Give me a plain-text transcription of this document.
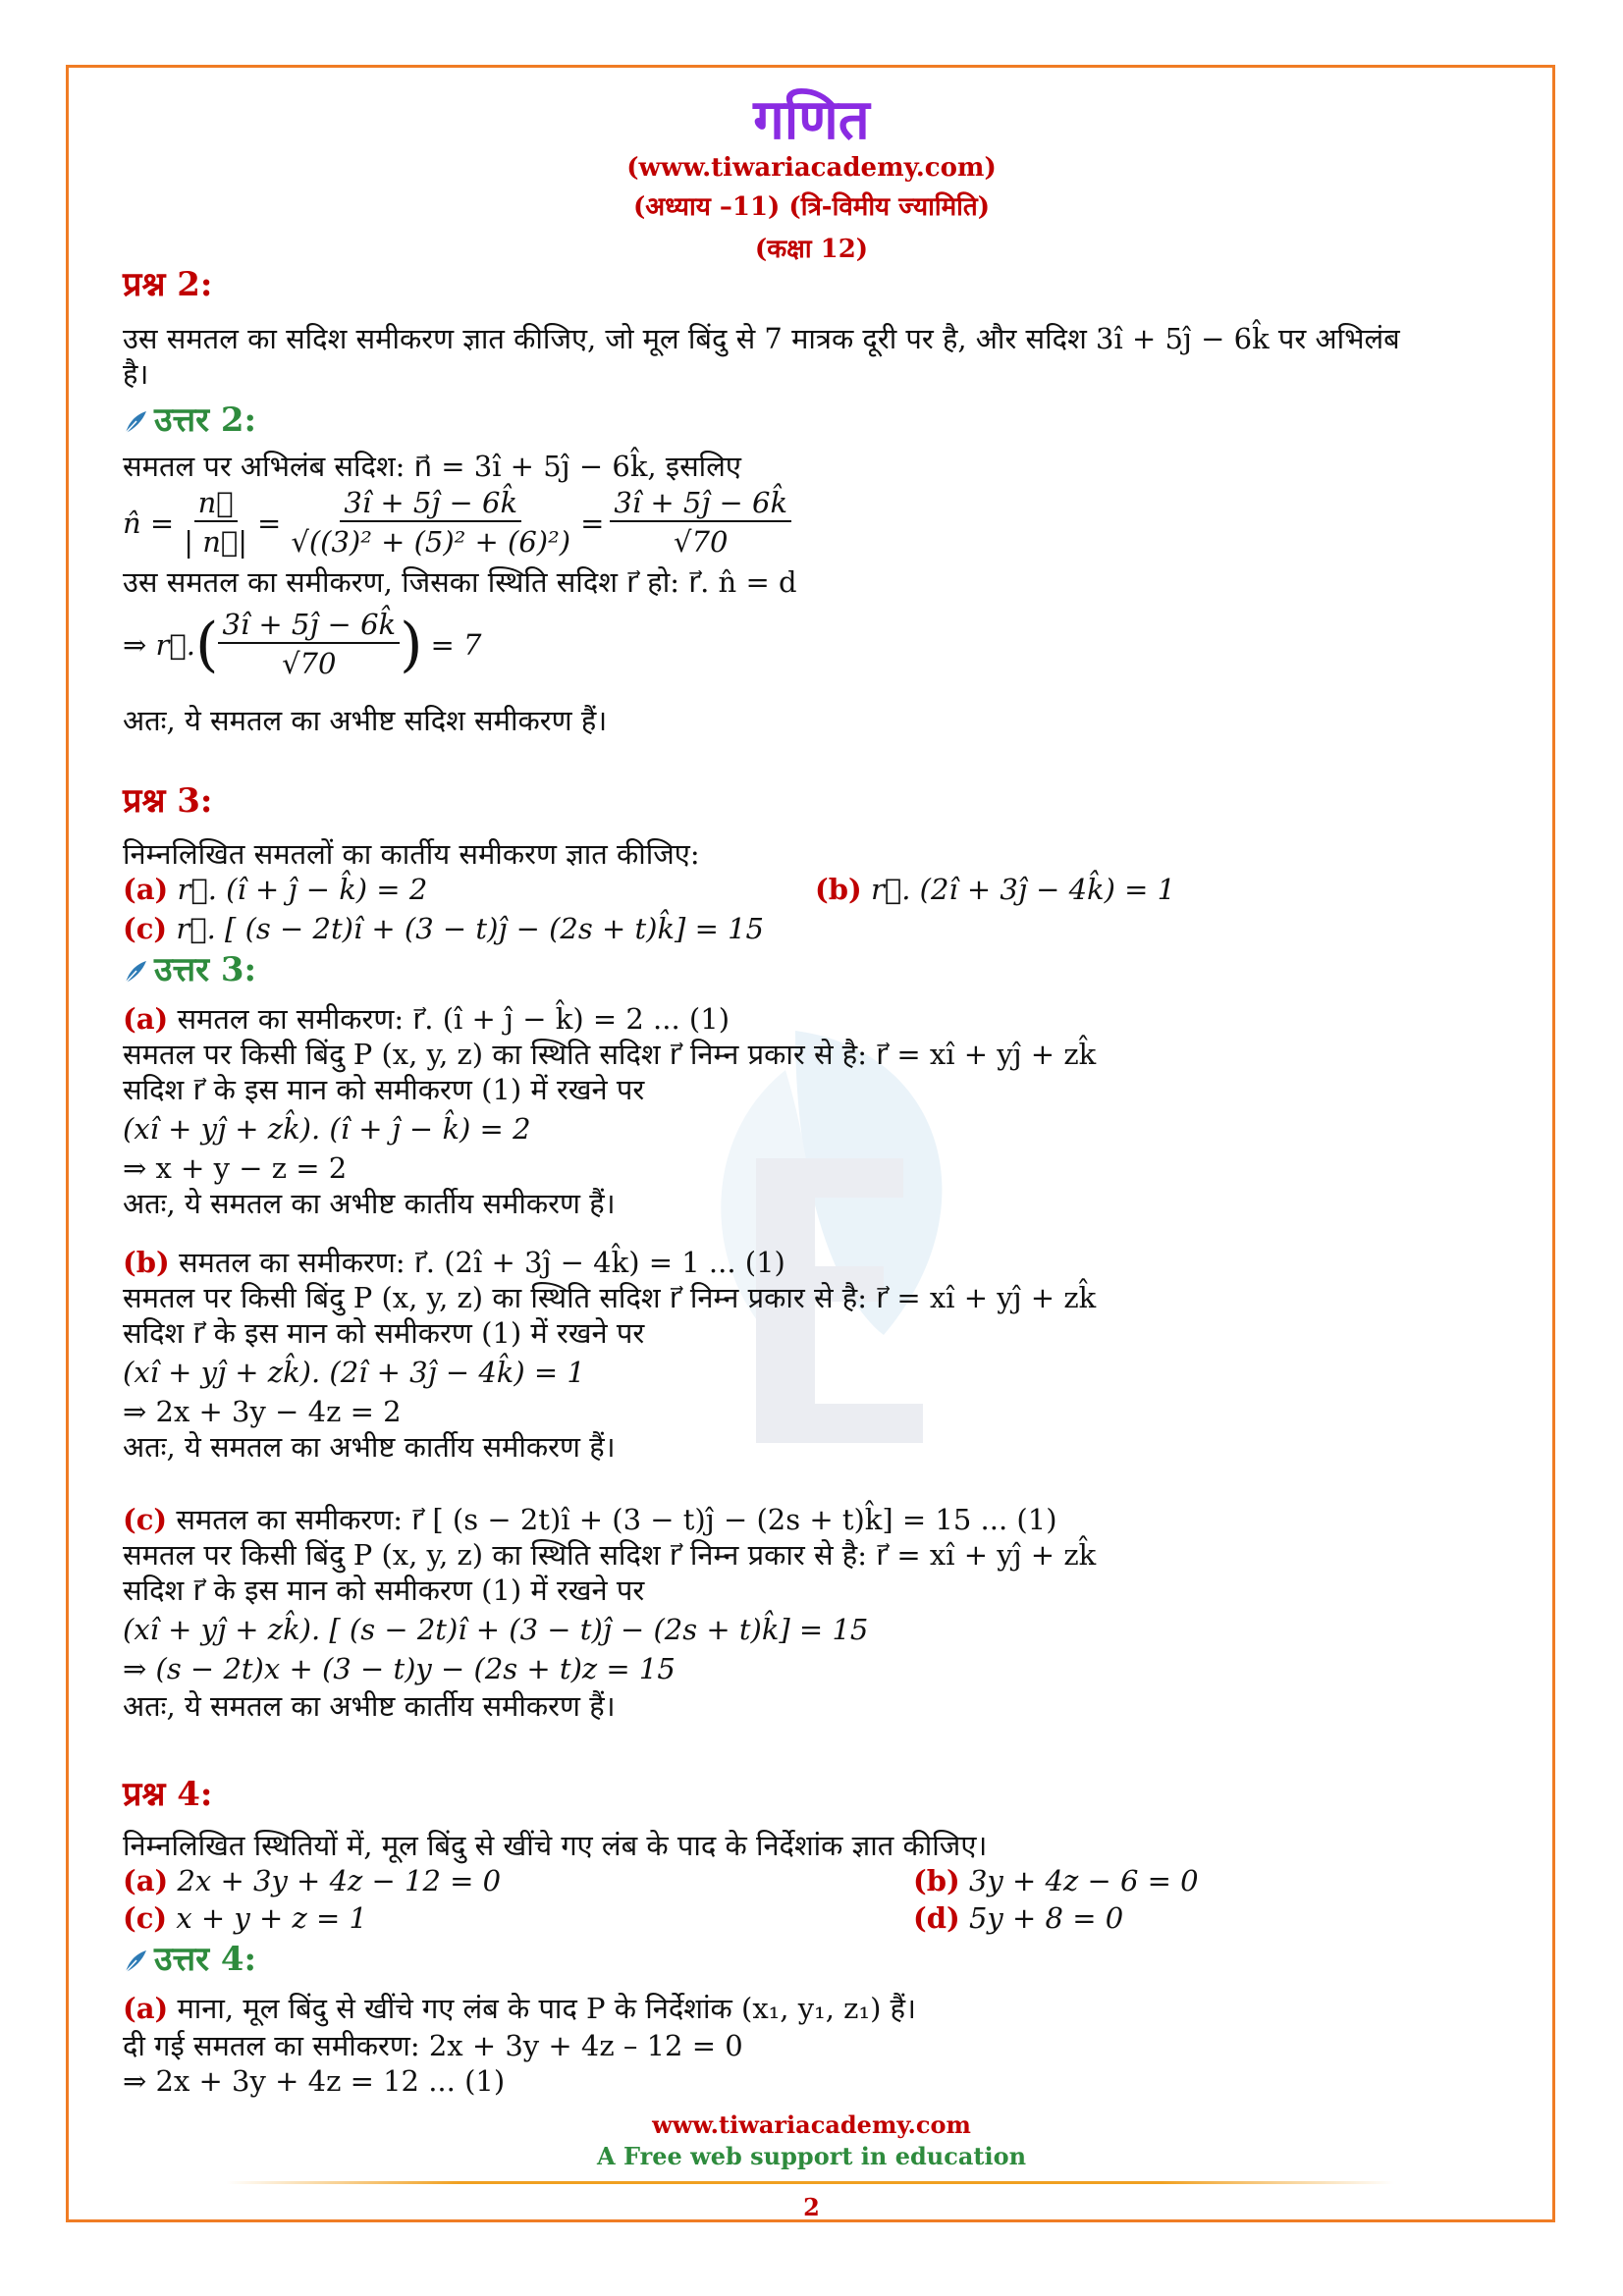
गणित
(www.tiwariacademy.com)
(अध्याय –11) (त्रि-विमीय ज्यामिति)
(कक्षा 12)
प्रश्न 2:
उस समतल का सदिश समीकरण ज्ञात कीजिए, जो मूल बिंदु से 7 मात्रक दूरी पर है, और सदिश 3î + 5ĵ − 6k̂ पर अभिलंब
है।
उत्तर 2:
समतल पर अभिलंब सदिश: n⃗ = 3î + 5ĵ − 6k̂, इसलिए
n̂ = $\frac{n⃗}{| n⃗|} = \frac{3î + 5ĵ - 6k̂}{\text{√((3)² + (5)² + (6)²)}} = \frac{3î + 5ĵ - 6k̂}{√70}$
उस समतल का समीकरण, जिसका स्थिति सदिश r⃗ हो: r⃗. n̂ = d
⇒ r⃗. ( $\frac{3î + 5ĵ - 6k̂}{√70}$ ) = 7
अतः, ये समतल का अभीष्ट सदिश समीकरण हैं।
प्रश्न 3:
निम्नलिखित समतलों का कार्तीय समीकरण ज्ञात कीजिए:
(a) r⃗. (î + ĵ − k̂) = 2	(b) r⃗. (2î + 3ĵ − 4k̂) = 1
(c) r⃗. [ (s − 2t)î + (3 − t)ĵ − (2s + t)k̂] = 15
उत्तर 3:
(a) समतल का समीकरण: r⃗. (î + ĵ − k̂) = 2 ... (1)
समतल पर किसी बिंदु P (x, y, z) का स्थिति सदिश r⃗ निम्न प्रकार से है: r⃗ = xî + yĵ + zk̂
सदिश r⃗ के इस मान को समीकरण (1) में रखने पर
(xî + yĵ + zk̂). (î + ĵ − k̂) = 2
⇒ x + y − z = 2
अतः, ये समतल का अभीष्ट कार्तीय समीकरण हैं।
(b) समतल का समीकरण: r⃗. (2î + 3ĵ − 4k̂) = 1 ... (1)
समतल पर किसी बिंदु P (x, y, z) का स्थिति सदिश r⃗ निम्न प्रकार से है: r⃗ = xî + yĵ + zk̂
सदिश r⃗ के इस मान को समीकरण (1) में रखने पर
(xî + yĵ + zk̂). (2î + 3ĵ − 4k̂) = 1
⇒ 2x + 3y − 4z = 2
अतः, ये समतल का अभीष्ट कार्तीय समीकरण हैं।
(c) समतल का समीकरण: r⃗ [ (s − 2t)î + (3 − t)ĵ − (2s + t)k̂] = 15 ... (1)
समतल पर किसी बिंदु P (x, y, z) का स्थिति सदिश r⃗ निम्न प्रकार से है: r⃗ = xî + yĵ + zk̂
सदिश r⃗ के इस मान को समीकरण (1) में रखने पर
(xî + yĵ + zk̂). [ (s − 2t)î + (3 − t)ĵ − (2s + t)k̂] = 15
⇒ (s − 2t)x + (3 − t)y − (2s + t)z = 15
अतः, ये समतल का अभीष्ट कार्तीय समीकरण हैं।
प्रश्न 4:
निम्नलिखित स्थितियों में, मूल बिंदु से खींचे गए लंब के पाद के निर्देशांक ज्ञात कीजिए।
(a) 2x + 3y + 4z − 12 = 0	(b) 3y + 4z − 6 = 0
(c) x + y + z = 1	(d) 5y + 8 = 0
उत्तर 4:
(a) माना, मूल बिंदु से खींचे गए लंब के पाद P के निर्देशांक (x₁, y₁, z₁) हैं।
दी गई समतल का समीकरण: 2x + 3y + 4z – 12 = 0
⇒ 2x + 3y + 4z = 12 ... (1)
www.tiwariacademy.com
A Free web support in education
2
